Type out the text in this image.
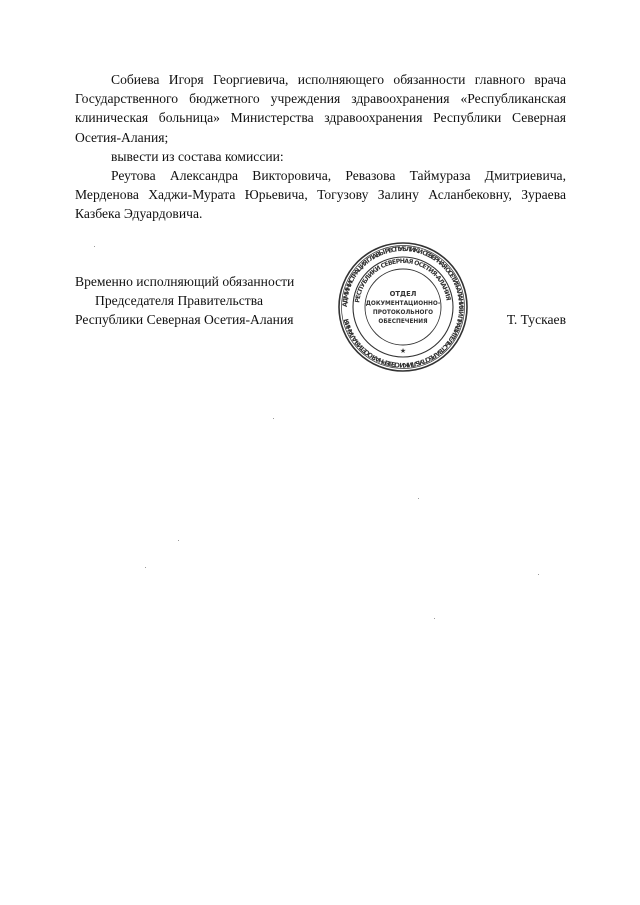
Собиева Игоря Георгиевича, исполняющего обязанности главного врача Государственного бюджетного учреждения здравоохранения «Республиканская клиническая больница» Министерства здравоохранения Республики Северная Осетия-Алания;

вывести из состава комиссии:

Реутова Александра Викторовича, Ревазова Таймураза Дмитриевича, Мерденова Хаджи-Мурата Юрьевича, Тогузову Залину Асланбековну, Зураева Казбека Эдуардовича.

Временно исполняющий обязанности
Председателя Правительства
Республики Северная Осетия-Алания	Т. Тускаев
АДМИНИСТРАЦИЯ ГЛАВЫ РЕСПУБЛИКИ СЕВЕРНАЯ ОСЕТИЯ-АЛАНИЯ И ПРАВИТЕЛЬСТВА РЕСПУБЛИКИ СЕВЕРНАЯ ОСЕТИЯ-АЛАНИЯ
РЕСПУБЛИКИ СЕВЕРНАЯ ОСЕТИЯ-АЛАНИЯ
ОТДЕЛ
ДОКУМЕНТАЦИОННО-
ПРОТОКОЛЬНОГО
ОБЕСПЕЧЕНИЯ
★
